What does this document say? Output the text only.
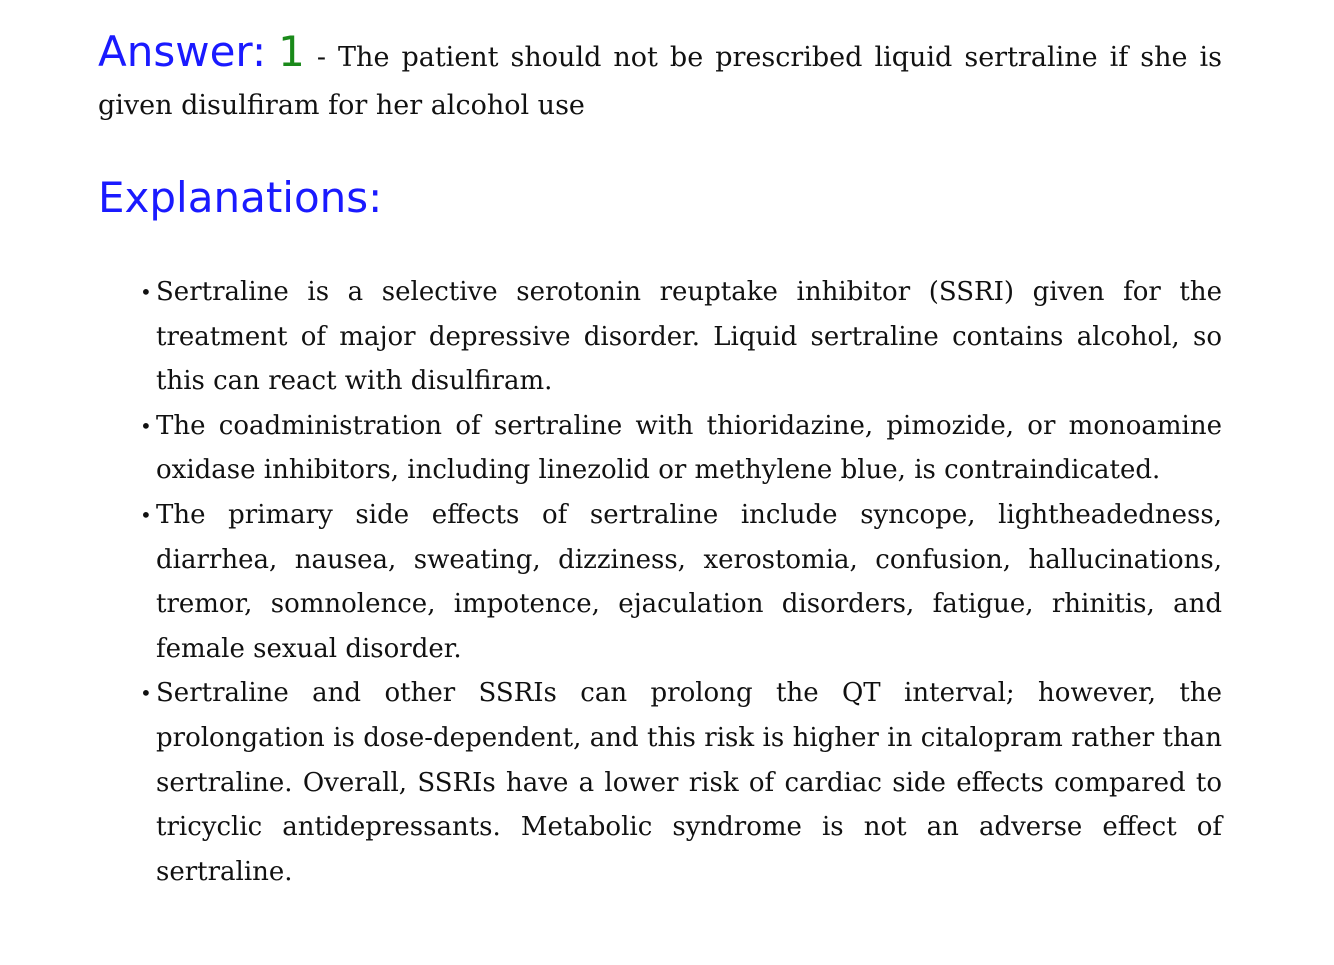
Answer: 1 - The patient should not be prescribed liquid sertraline if she is given disulfiram for her alcohol use
Explanations:
• Sertraline is a selective serotonin reuptake inhibitor (SSRI) given for the treatment of major depressive disorder. Liquid sertraline contains alcohol, so this can react with disulfiram.
• The coadministration of sertraline with thioridazine, pimozide, or monoamine oxidase inhibitors, including linezolid or methylene blue, is contraindicated.
• The primary side effects of sertraline include syncope, lightheadedness, diarrhea, nausea, sweating, dizziness, xerostomia, confusion, hallucinations, tremor, somnolence, impotence, ejaculation disorders, fatigue, rhinitis, and female sexual disorder.
• Sertraline and other SSRIs can prolong the QT interval; however, the prolongation is dose-dependent, and this risk is higher in citalopram rather than sertraline. Overall, SSRIs have a lower risk of cardiac side effects compared to tricyclic antidepressants. Metabolic syndrome is not an adverse effect of sertraline.
